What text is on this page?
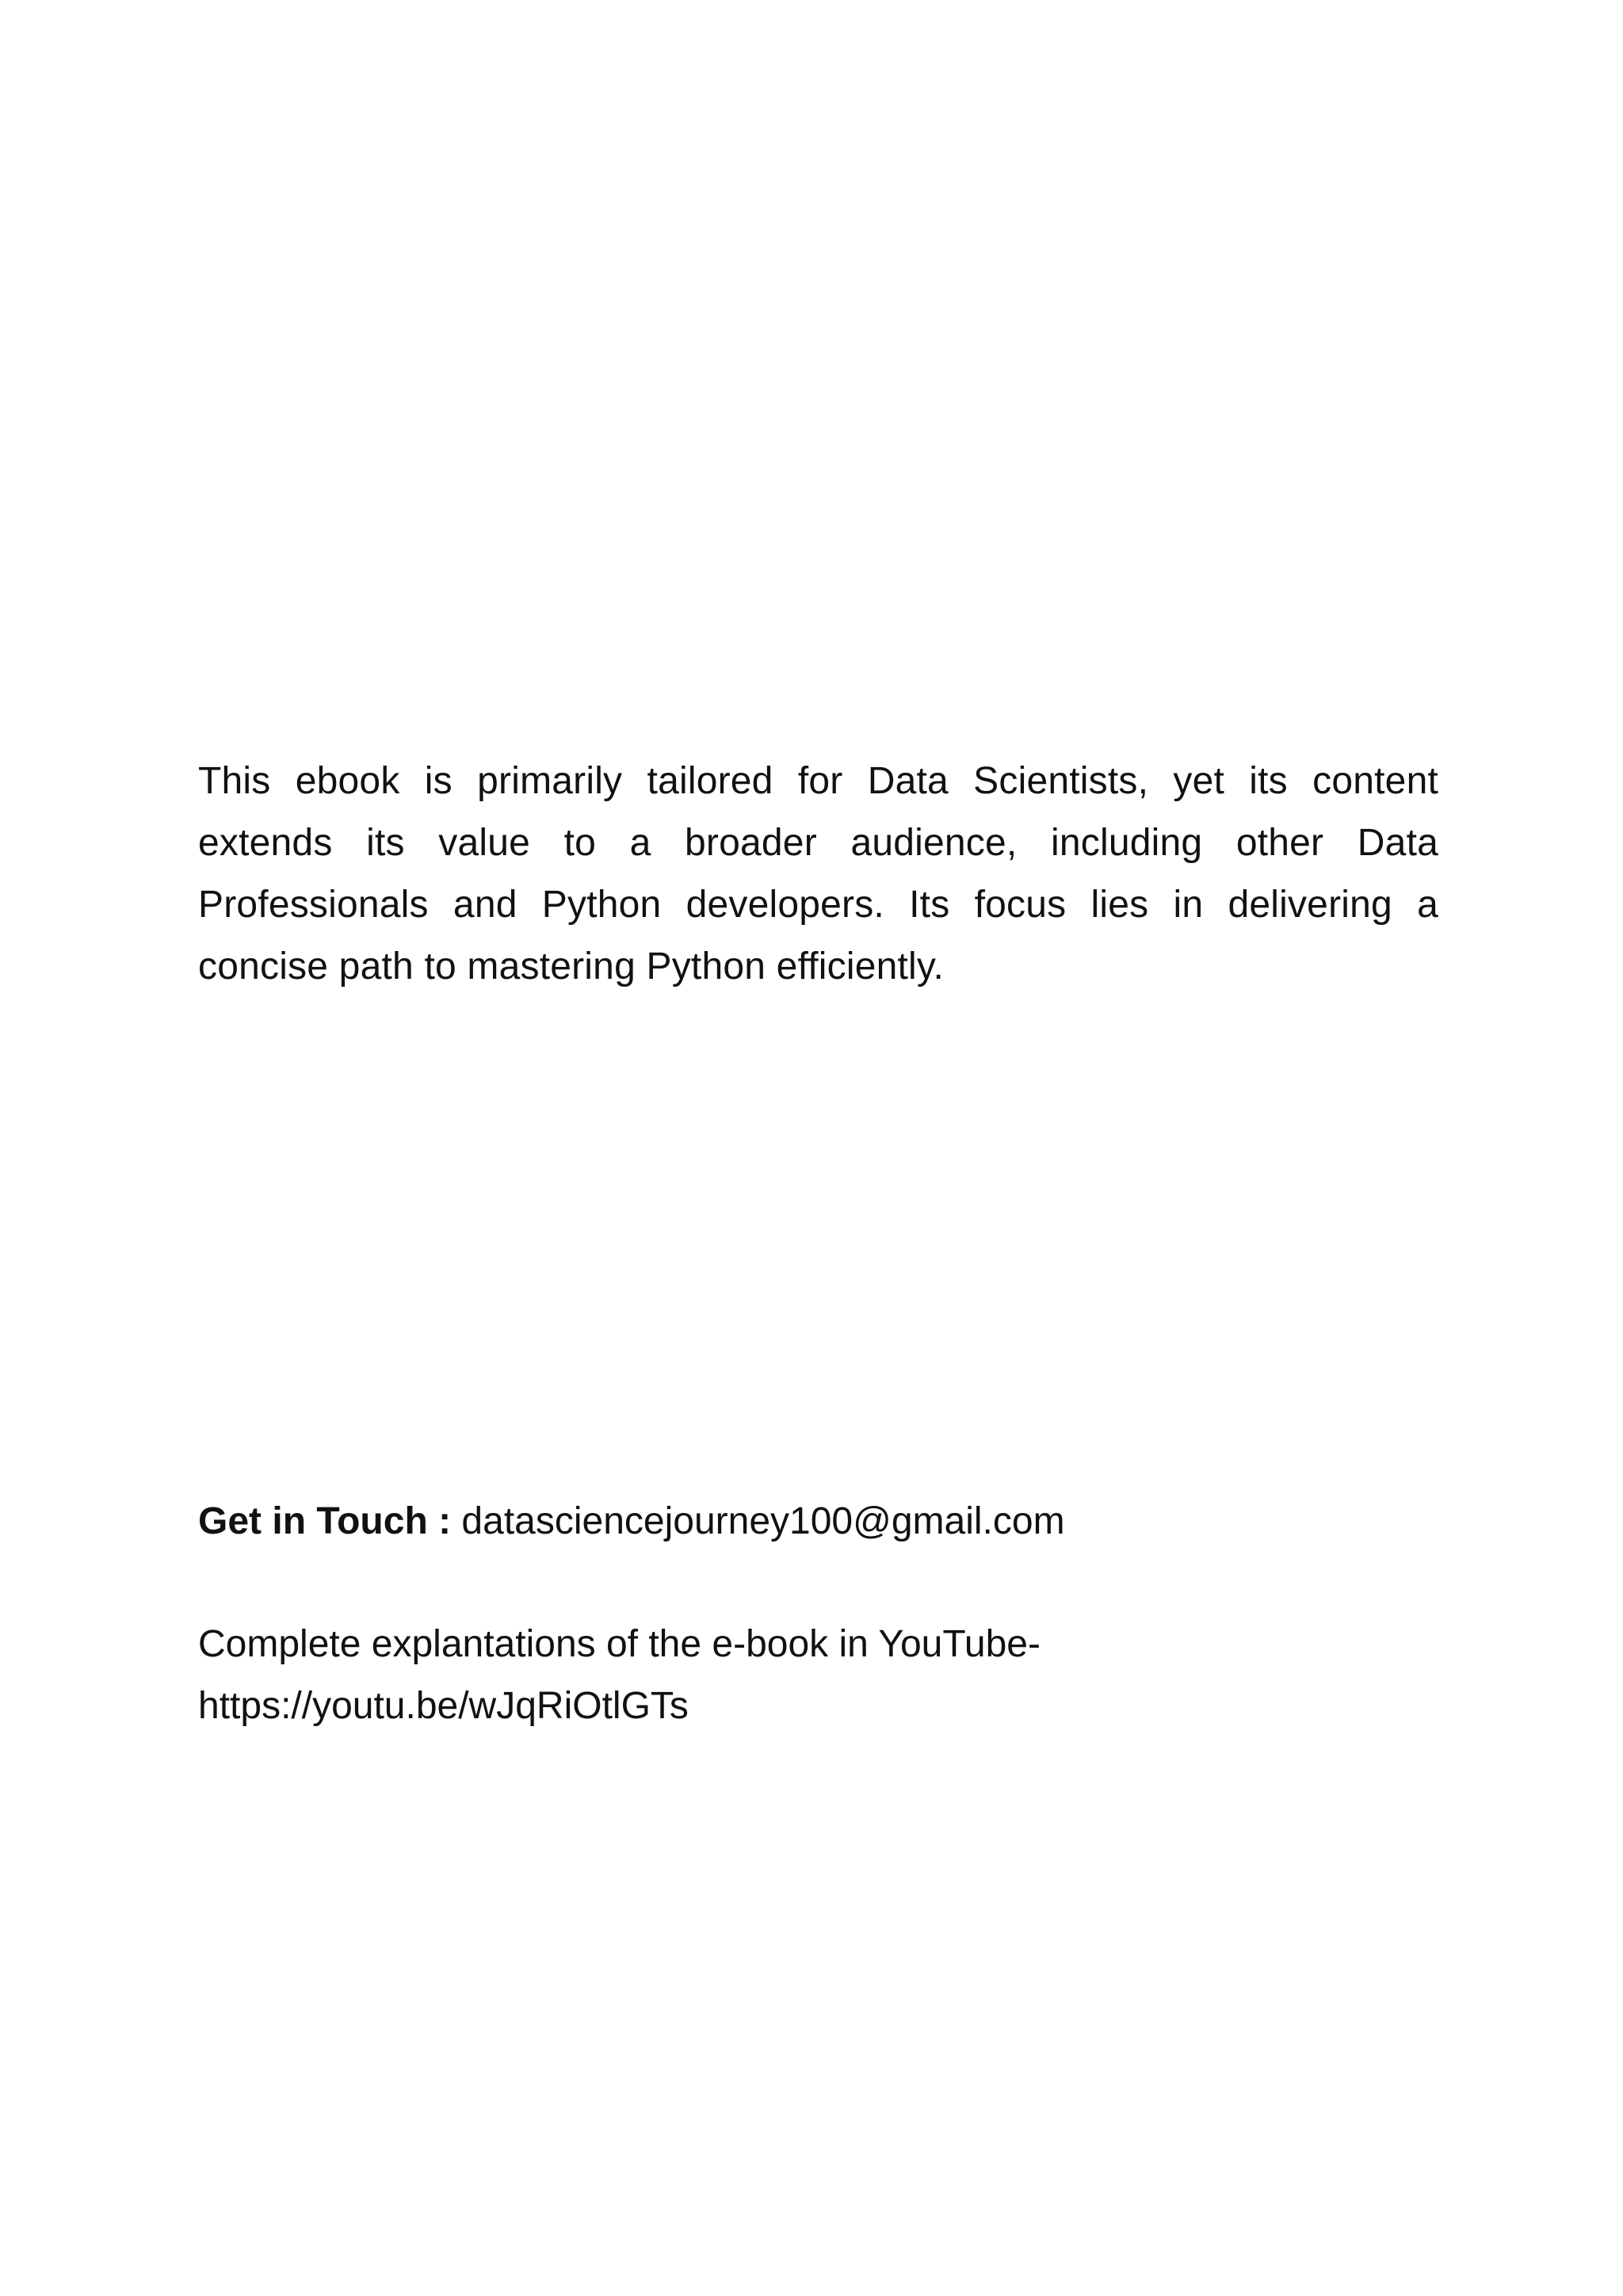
This ebook is primarily tailored for Data Scientists, yet its content extends its value to a broader audience, including other Data Professionals and Python developers. Its focus lies in delivering a concise path to mastering Python efficiently.

Get in Touch : datasciencejourney100@gmail.com

Complete explantations of the e-book in YouTube-
https://youtu.be/wJqRiOtlGTs
